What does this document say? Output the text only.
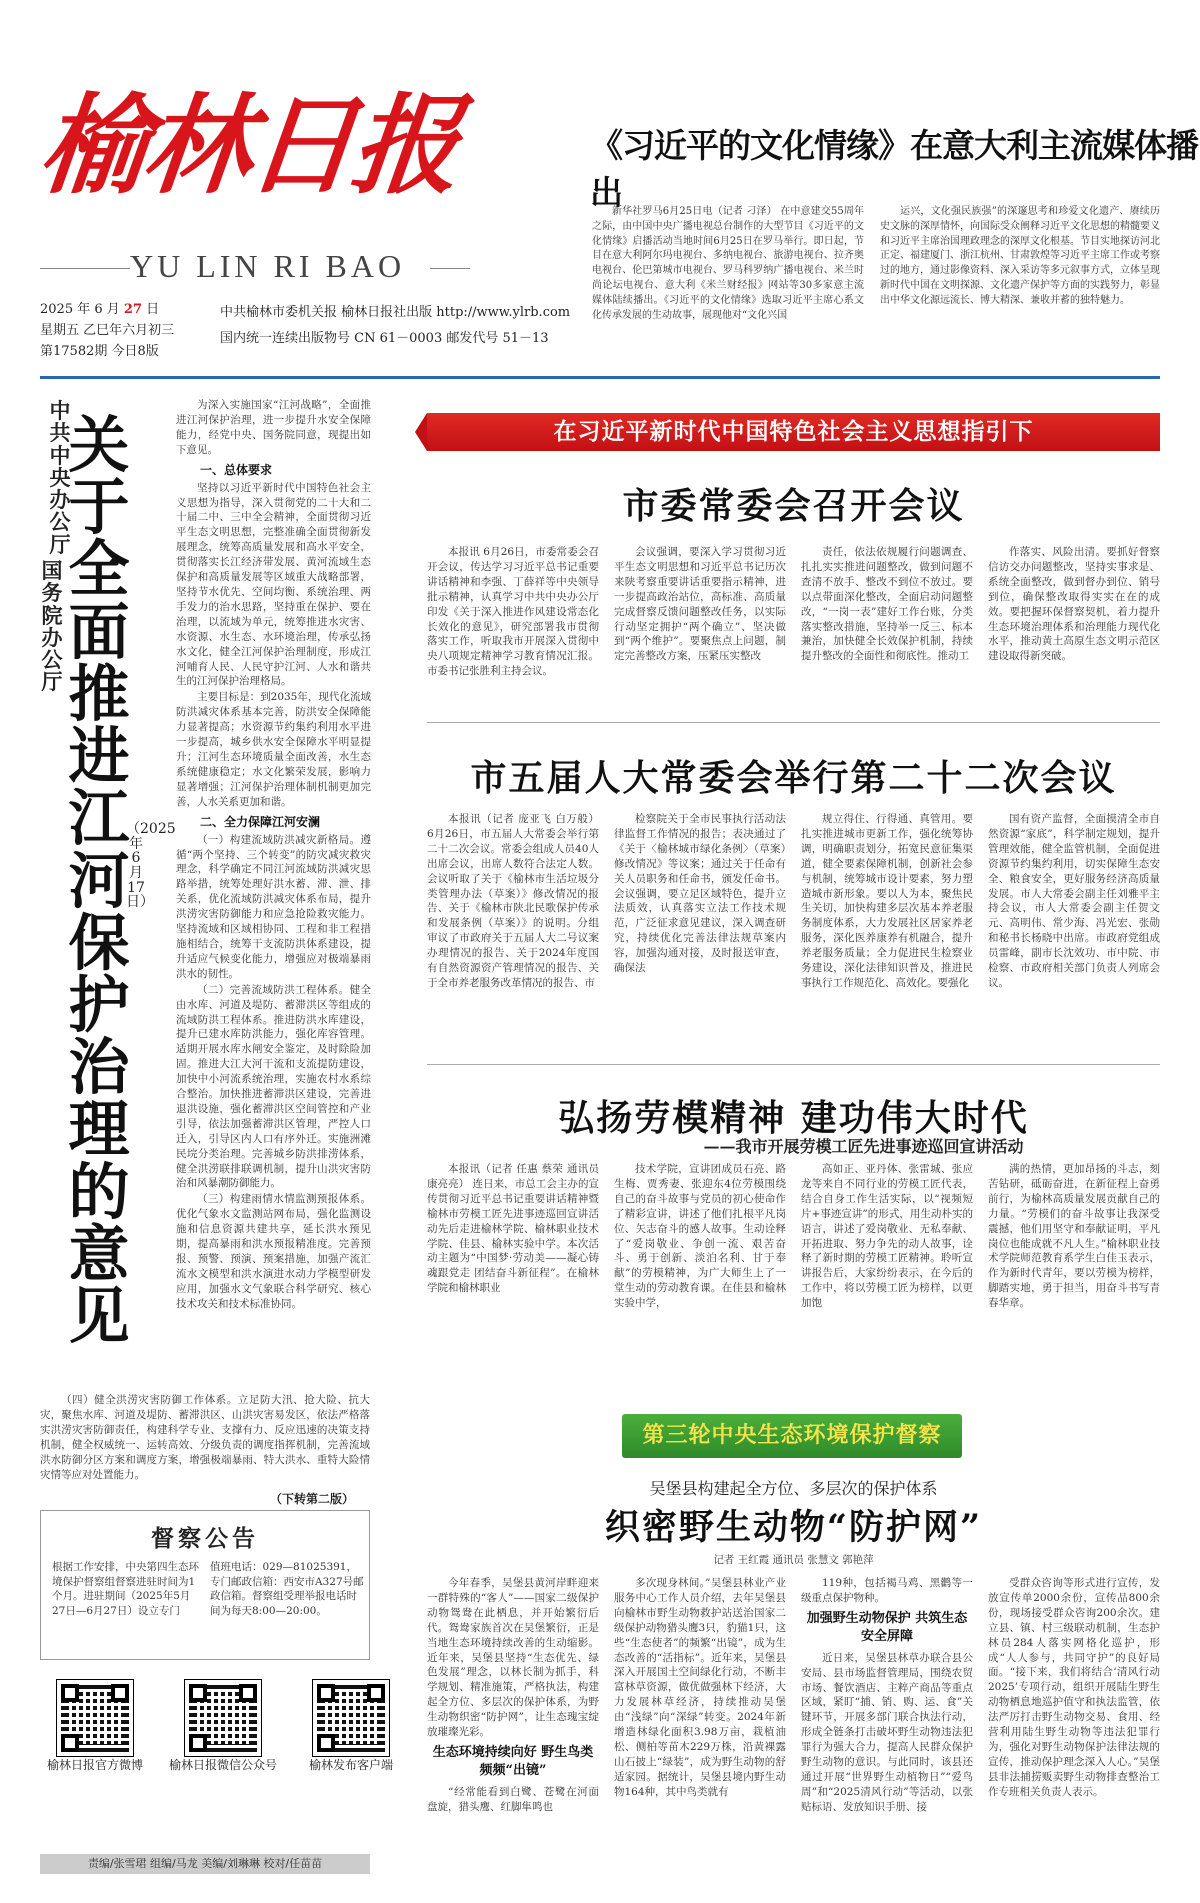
榆林日报
YU LIN RI BAO
2025 年 6 月 27 日
星期五 乙巳年六月初三
第17582期 今日8版
中共榆林市委机关报 榆林日报社出版 http://www.ylrb.com
国内统一连续出版物号 CN 61－0003 邮发代号 51－13
《习近平的文化情缘》在意大利主流媒体播出
新华社罗马6月25日电（记者 刁泽） 在中意建交55周年之际，由中国中央广播电视总台制作的大型节目《习近平的文化情缘》启播活动当地时间6月25日在罗马举行。即日起，节目在意大利阿尔玛电视台、多纳电视台、旅游电视台、拉齐奥电视台、伦巴第城市电视台、罗马科罗纳广播电视台、米兰时尚论坛电视台、意大利《米兰财经报》网站等30多家意主流媒体陆续播出。《习近平的文化情缘》选取习近平主席心系文化传承发展的生动故事，展现他对“文化兴国
运兴，文化强民族强”的深邃思考和珍爱文化遗产、赓续历史文脉的深厚情怀，向国际受众阐释习近平文化思想的精髓要义和习近平主席治国理政理念的深厚文化根基。节目实地探访河北正定、福建厦门、浙江杭州、甘肃敦煌等习近平主席工作或考察过的地方，通过影像资料、深入采访等多元叙事方式，立体呈现新时代中国在文明探源、文化遗产保护等方面的实践努力，彰显出中华文化源远流长、博大精深、兼收并蓄的独特魅力。
中共中央办公厅
国务院办公厅
关于全面推进江河保护治理的意见
（2025年6月17日）

为深入实施国家“江河战略”，全面推进江河保护治理，进一步提升水安全保障能力，经党中央、国务院同意，现提出如下意见。

一、总体要求

坚持以习近平新时代中国特色社会主义思想为指导，深入贯彻党的二十大和二十届二中、三中全会精神，全面贯彻习近平生态文明思想，完整准确全面贯彻新发展理念，统筹高质量发展和高水平安全，贯彻落实长江经济带发展、黄河流域生态保护和高质量发展等区域重大战略部署，坚持节水优先、空间均衡、系统治理、两手发力的治水思路，坚持重在保护、要在治理，以流域为单元，统筹推进水灾害、水资源、水生态、水环境治理，传承弘扬水文化，健全江河保护治理制度，形成江河哺育人民、人民守护江河、人水和谐共生的江河保护治理格局。

主要目标是：到2035年，现代化流域防洪减灾体系基本完善，防洪安全保障能力显著提高；水资源节约集约利用水平进一步提高，城乡供水安全保障水平明显提升；江河生态环境质量全面改善，水生态系统健康稳定；水文化繁荣发展，影响力显著增强；江河保护治理体制机制更加完善，人水关系更加和谐。

二、全力保障江河安澜

（一）构建流域防洪减灾新格局。遵循“两个坚持、三个转变”的防灾减灾救灾理念，科学确定不同江河流域防洪减灾思路举措，统筹处理好洪水蓄、滞、泄、排关系，优化流域防洪减灾体系布局，提升洪涝灾害防御能力和应急抢险救灾能力。坚持流域和区域相协同、工程和非工程措施相结合，统筹干支流防洪体系建设，提升适应气候变化能力，增强应对极端暴雨洪水的韧性。

（二）完善流域防洪工程体系。健全由水库、河道及堤防、蓄滞洪区等组成的流域防洪工程体系。推进防洪水库建设，提升已建水库防洪能力，强化库容管理。适期开展水库水闸安全鉴定，及时除险加固。推进大江大河干流和支流提防建设，加快中小河流系统治理，实施农村水系综合整治。加快推进蓄滞洪区建设，完善进退洪设施，强化蓄滞洪区空间管控和产业引导，依法加强蓄滞洪区管理，严控人口迁入，引导区内人口有序外迁。实施洲滩民垸分类治理。完善城乡防洪排涝体系，健全洪涝联排联调机制，提升山洪灾害防治和风暴潮防御能力。

（三）构建雨情水情监测预报体系。优化气象水文监测站网布局，强化监测设施和信息资源共建共享，延长洪水预见期，提高暴雨和洪水预报精准度。完善预报、预警、预演、预案措施，加强产流汇流水文模型和洪水演进水动力学模型研发应用，加强水文气象联合科学研究、核心技术攻关和技术标准协同。

（四）健全洪涝灾害防御工作体系。立足防大汛、抢大险、抗大灾，聚焦水库、河道及堤防、蓄滞洪区、山洪灾害易发区，依法严格落实洪涝灾害防御责任，构建科学专业、支撑有力、反应迅速的决策支持机制，健全权威统一、运转高效、分级负责的调度指挥机制，完善流域洪水防御分区方案和调度方案，增强极端暴雨、特大洪水、重特大险情灾情等应对处置能力。

（下转第二版）
督察公告
根据工作安排，中央第四生态环境保护督察组督察进驻时间为1个月。进驻期间（2025年5月27日—6月27日）设立专门
值班电话：029—81025391，专门邮政信箱：西安市A327号邮政信箱。督察组受理举报电话时间为每天8:00—20:00。
榆林日报官方微博	榆林日报微信公众号	榆林发布客户端
责编/张雪珺 组编/马龙 美编/刘琳琳 校对/任苗苗
在习近平新时代中国特色社会主义思想指引下
市委常委会召开会议
本报讯 6月26日，市委常委会召开会议，传达学习习近平总书记重要讲话精神和李强、丁薛祥等中央领导批示精神，认真学习中共中央办公厅印发《关于深入推进作风建设常态化长效化的意见》，研究部署我市贯彻落实工作，听取我市开展深入贯彻中央八项规定精神学习教育情况汇报。市委书记张胜利主持会议。
会议强调，要深入学习贯彻习近平生态文明思想和习近平总书记历次来陕考察重要讲话重要指示精神，进一步提高政治站位，高标准、高质量完成督察反馈问题整改任务，以实际行动坚定拥护“两个确立”、坚决做到“两个维护”。要聚焦点上问题，制定完善整改方案，压紧压实整改
责任，依法依规履行问题调查、扎扎实实推进问题整改，做到问题不查清不放手、整改不到位不放过。要以点带面深化整改，全面启动问题整改，“一岗一表”建好工作台账，分类落实整改措施，坚持举一反三、标本兼治，加快健全长效保护机制，持续提升整改的全面性和彻底性。推动工
作落实、风险出清。要抓好督察信访交办问题整改，坚持实事求是、系统全面整改，做到督办到位、销号到位，确保整改取得实实在在的成效。要把握环保督察契机，着力提升生态环境治理体系和治理能力现代化水平，推动黄土高原生态文明示范区建设取得新突破。
市五届人大常委会举行第二十二次会议
本报讯（记者 庞亚飞 白万般） 6月26日，市五届人大常委会举行第二十二次会议。常委会组成人员40人出席会议，出席人数符合法定人数。会议听取了关于《榆林市生活垃圾分类管理办法（草案）》修改情况的报告、关于《榆林市陕北民歌保护传承和发展条例（草案）》的说明。分组审议了市政府关于五届人大二号议案办理情况的报告、关于2024年度国有自然资源资产管理情况的报告、关于全市养老服务改革情况的报告、市
检察院关于全市民事执行活动法律监督工作情况的报告；表决通过了《关于〈榆林城市绿化条例〉（草案）修改情况》等议案；通过关于任命有关人员职务和任命书，颁发任命书。会议强调，要立足区域特色，提升立法质效，认真落实立法工作技术规范，广泛征求意见建议，深入调查研究，持续优化完善法律法规草案内容，加强沟通对接，及时报送审查，确保法
规立得住、行得通、真管用。要扎实推进城市更新工作，强化统筹协调，明确职责划分，拓宽民意征集渠道，健全要素保障机制，创新社会参与机制，统筹城市设计要素，努力塑造城市新形象。要以人为本，聚焦民生关切，加快构建多层次基本养老服务制度体系，大力发展社区居家养老服务，深化医养康养有机融合，提升养老服务质量；全力促进民生检察业务建设，深化法律知识普及，推进民事执行工作规范化、高效化。要强化
国有资产监督，全面摸清全市自然资源“家底”，科学制定规划，提升管理效能，健全监管机制，全面促进资源节约集约利用，切实保障生态安全、粮食安全，更好服务经济高质量发展。市人大常委会副主任刘雅平主持会议，市人大常委会副主任贺文元、高明伟、常少海、冯光宏、张勋和秘书长杨晓中出席。市政府党组成员雷峰，副市长沈效功、市中院、市检察、市政府相关部门负责人列席会议。
弘扬劳模精神 建功伟大时代
——我市开展劳模工匠先进事迹巡回宣讲活动
本报讯（记者 任惠 蔡荣 通讯员 康亮亮） 连日来，市总工会主办的宣传贯彻习近平总书记重要讲话精神暨榆林市劳模工匠先进事迹巡回宣讲活动先后走进榆林学院、榆林职业技术学院、佳县、榆林实验中学。本次活动主题为“中国梦·劳动美——凝心铸魂跟党走 团结奋斗新征程”。在榆林学院和榆林职业
技术学院，宣讲团成员石亮、路生梅、贾秀妻、张迎东4位劳模围绕自己的奋斗故事与党员的初心使命作了精彩宣讲，讲述了他们扎根平凡岗位、矢志奋斗的感人故事。生动诠释了“爱岗敬业、争创一流、艰苦奋斗、勇于创新、淡泊名利、甘于奉献”的劳模精神，为广大师生上了一堂生动的劳动教育课。在佳县和榆林实验中学，
高如正、亚丹体、张雷城、张应龙等来自不同行业的劳模工匠代表，结合自身工作生活实际，以“视频短片+事迹宣讲”的形式，用生动朴实的语言，讲述了爱岗敬业、无私奉献、开拓进取、努力争先的动人故事，诠释了新时期的劳模工匠精神。聆听宣讲报告后，大家纷纷表示，在今后的工作中，将以劳模工匠为榜样，以更加饱
满的热情，更加昂扬的斗志，刻苦钻研，砥砺奋进，在新征程上奋勇前行，为榆林高质量发展贡献自己的力量。“劳模们的奋斗故事让我深受震撼，他们用坚守和奉献证明，平凡岗位也能成就不凡人生。”榆林职业技术学院师范教育系学生白佳玉表示，作为新时代青年，要以劳模为榜样，脚踏实地，勇于担当，用奋斗书写青春华章。
第三轮中央生态环境保护督察
吴堡县构建起全方位、多层次的保护体系
织密野生动物“防护网”
记者 王红霞 通讯员 张慧文 郭艳萍

今年春季，吴堡县黄河岸畔迎来一群特殊的“客人”——国家二级保护动物鸳鸯在此栖息，并开始繁衍后代。鸳鸯家族首次在吴堡繁衍，正是当地生态环境持续改善的生动缩影。近年来，吴堡县坚持“生态优先、绿色发展”理念，以林长制为抓手，科学规划、精准施策，严格执法，构建起全方位、多层次的保护体系，为野生动物织密“防护网”，让生态瑰宝绽放璀璨光彩。

生态环境持续向好 野生鸟类频频“出镜”

“经常能看到白鹭、苍鹭在河面盘旋，猎头鹰、红脚隼鸣也

多次现身林间。”吴堡县林业产业服务中心工作人员介绍，去年吴堡县向榆林市野生动物救护站送治国家二级保护动物猎头鹰3只，豹猫1只，这些“生态使者”的频繁“出镜”，成为生态改善的“活指标”。近年来，吴堡县深入开展国土空间绿化行动，不断丰富林草资源，做优做强林下经济，大力发展林草经济，持续推动吴堡由“浅绿”向“深绿”转变。2024年新增造林绿化面积3.98万亩，栽植油松、侧柏等苗木229万株，沿黄裸露山石披上“绿装”，成为野生动物的舒适家园。据统计，吴堡县境内野生动物164种，其中鸟类就有

119种，包括褐马鸡、黑鹳等一级重点保护物种。

加强野生动物保护 共筑生态安全屏障

近日来，吴堡县林草办联合县公安局、县市场监督管理局，围绕农贸市场、餐饮酒店、主粹产商品等重点区域，紧盯“捕、销、购、运、食”关键环节，开展多部门联合执法行动，形成全链条打击破坏野生动物违法犯罪行为强大合力，提高人民群众保护野生动物的意识。与此同时，该县还通过开展“世界野生动植物日”“爱鸟周”和“2025清风行动”等活动，以张贴标语、发放知识手册、接

受群众咨询等形式进行宣传，发放宣传单2000余份，宣传品800余份，现场接受群众咨询200余次。建立县、镇、村三级联动机制，生态护林员284人落实网格化巡护，形成“人人参与，共同守护”的良好局面。“接下来，我们将结合‘清风行动2025’专项行动，组织开展陆生野生动物栖息地巡护值守和执法监管，依法严厉打击野生动物交易、食用、经营利用陆生野生动物等违法犯罪行为，强化对野生动物保护法律法规的宣传，推动保护理念深入人心。”吴堡县非法捕捞贩卖野生动物排查整治工作专班相关负责人表示。
